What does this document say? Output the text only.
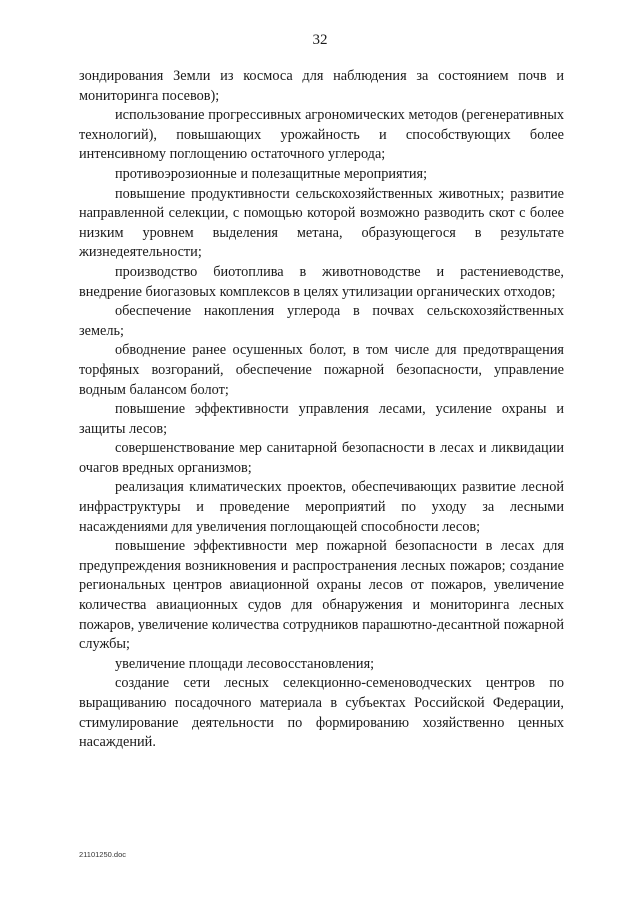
32

зондирования Земли из космоса для наблюдения за состоянием почв и мониторинга посевов);

использование прогрессивных агрономических методов (регенеративных технологий), повышающих урожайность и способствующих более интенсивному поглощению остаточного углерода;

противоэрозионные и полезащитные мероприятия;

повышение продуктивности сельскохозяйственных животных; развитие направленной селекции, с помощью которой возможно разводить скот с более низким уровнем выделения метана, образующегося в результате жизнедеятельности;

производство биотоплива в животноводстве и растениеводстве, внедрение биогазовых комплексов в целях утилизации органических отходов;

обеспечение накопления углерода в почвах сельскохозяйственных земель;

обводнение ранее осушенных болот, в том числе для предотвращения торфяных возгораний, обеспечение пожарной безопасности, управление водным балансом болот;

повышение эффективности управления лесами, усиление охраны и защиты лесов;

совершенствование мер санитарной безопасности в лесах и ликвидации очагов вредных организмов;

реализация климатических проектов, обеспечивающих развитие лесной инфраструктуры и проведение мероприятий по уходу за лесными насаждениями для увеличения поглощающей способности лесов;

повышение эффективности мер пожарной безопасности в лесах для предупреждения возникновения и распространения лесных пожаров; создание региональных центров авиационной охраны лесов от пожаров, увеличение количества авиационных судов для обнаружения и мониторинга лесных пожаров, увеличение количества сотрудников парашютно-десантной пожарной службы;

увеличение площади лесовосстановления;

создание сети лесных селекционно-семеноводческих центров по выращиванию посадочного материала в субъектах Российской Федерации, стимулирование деятельности по формированию хозяйственно ценных насаждений.

21101250.doc
